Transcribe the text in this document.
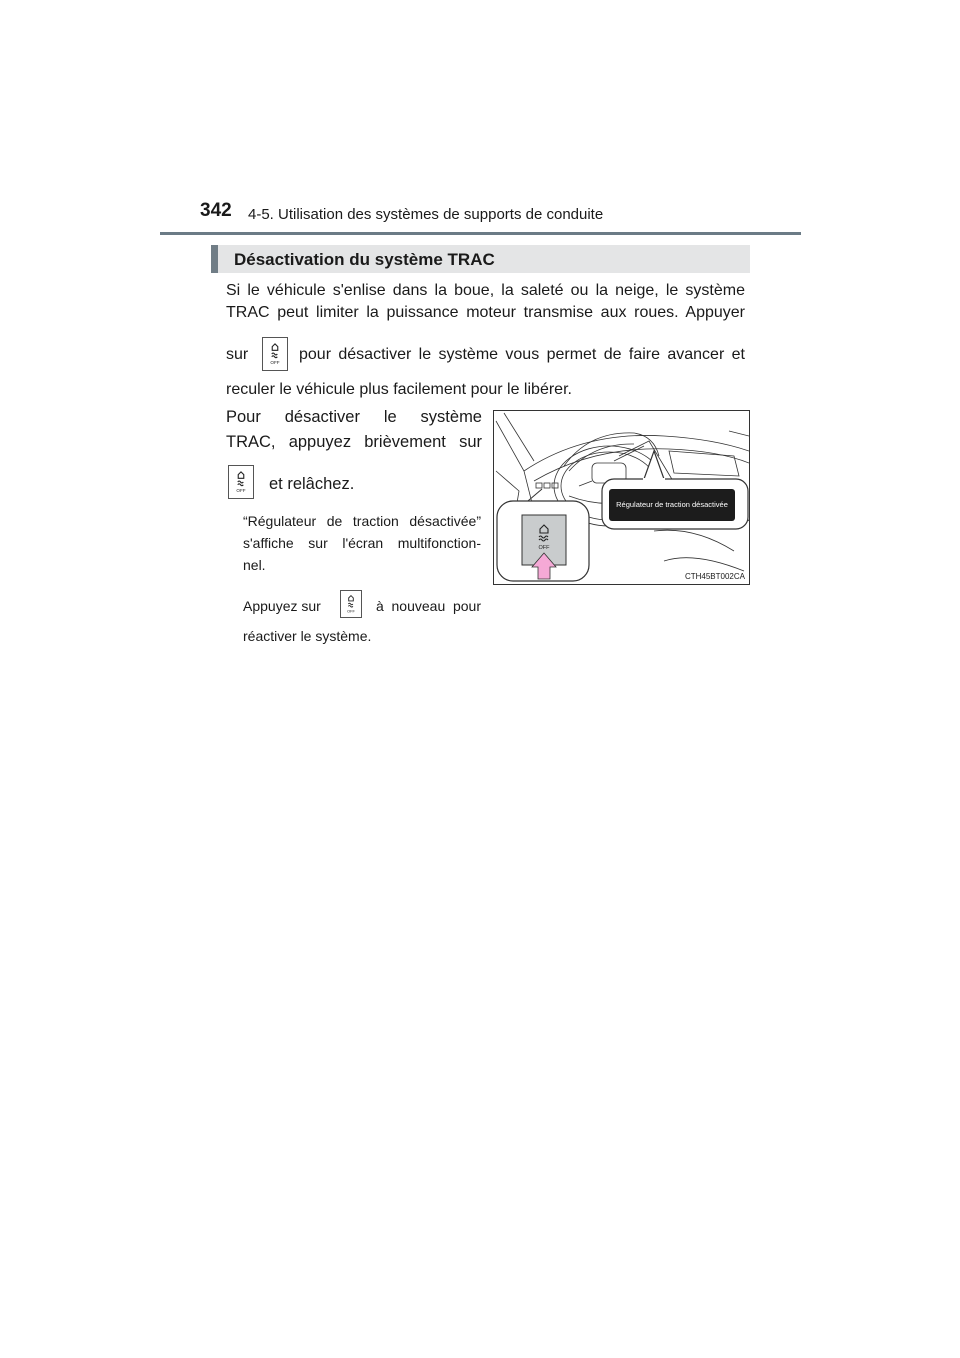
342 4-5. Utilisation des systèmes de supports de conduite
Désactivation du système TRAC
Si le véhicule s'enlise dans la boue, la saleté ou la neige, le système
TRAC peut limiter la puissance moteur transmise aux roues. Appuyer
sur	OFF pour désactiver le système vous permet de faire avancer et
reculer le véhicule plus facilement pour le libérer.
Pour désactiver le système
TRAC, appuyez brièvement sur
OFF et relâchez.
“Régulateur de traction désactivée”
s'affiche sur l'écran multifonction-
nel.
Appuyez sur	OFF à nouveau pour
réactiver le système.
OFF
Régulateur de traction désactivée
CTH45BT002CA
